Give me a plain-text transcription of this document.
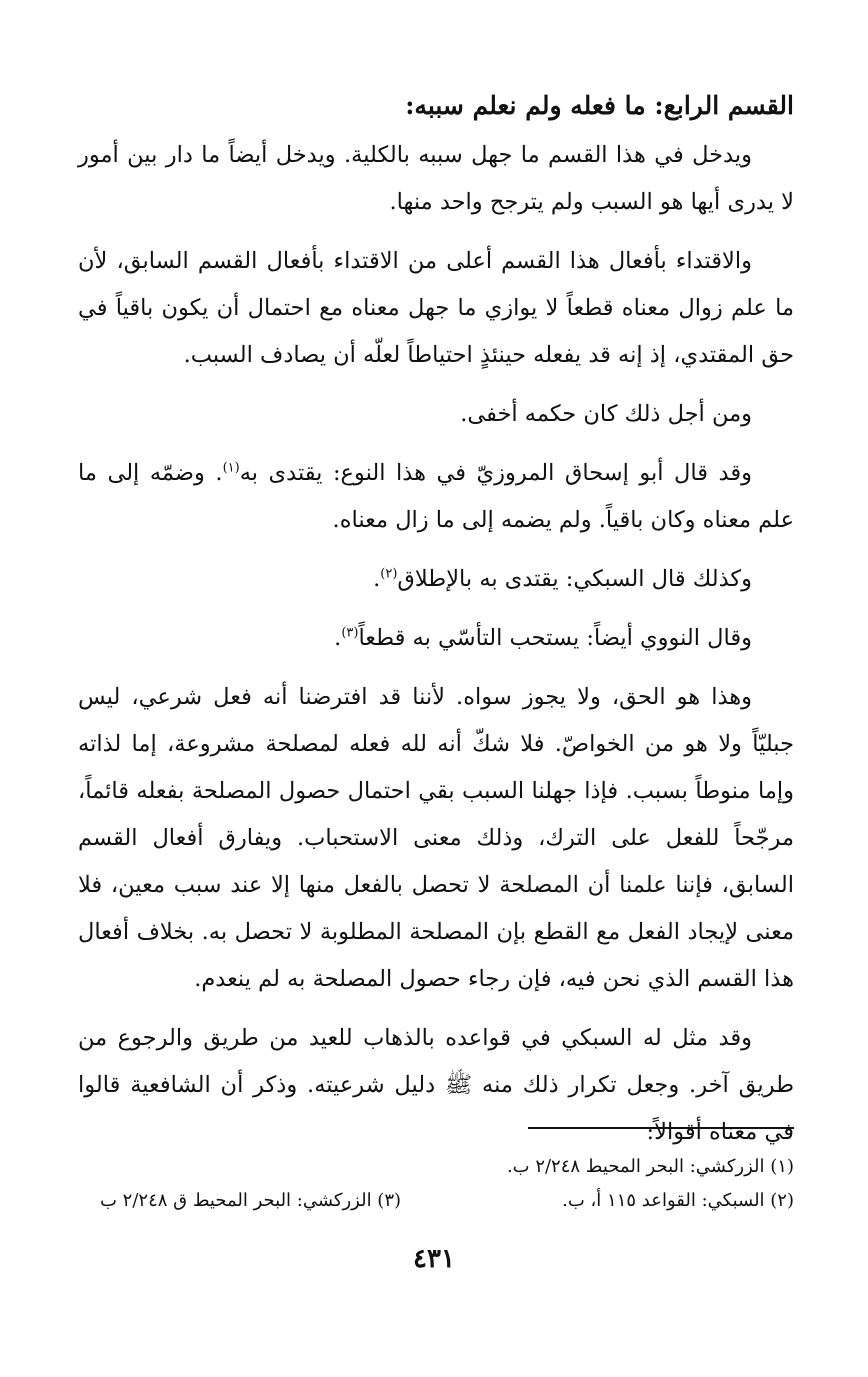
القسم الرابع: ما فعله ولم نعلم سببه:

ويدخل في هذا القسم ما جهل سببه بالكلية. ويدخل أيضاً ما دار بين أمور لا يدرى أيها هو السبب ولم يترجح واحد منها.

والاقتداء بأفعال هذا القسم أعلى من الاقتداء بأفعال القسم السابق، لأن ما علم زوال معناه قطعاً لا يوازي ما جهل معناه مع احتمال أن يكون باقياً في حق المقتدي، إذ إنه قد يفعله حينئذٍ احتياطاً لعلّه أن يصادف السبب.

ومن أجل ذلك كان حكمه أخفى.

وقد قال أبو إسحاق المروزيّ في هذا النوع: يقتدى به$^{(١)}$. وضمّه إلى ما علم معناه وكان باقياً. ولم يضمه إلى ما زال معناه.

وكذلك قال السبكي: يقتدى به بالإطلاق$^{(٢)}$.

وقال النووي أيضاً: يستحب التأسّي به قطعاً$^{(٣)}$.

وهذا هو الحق، ولا يجوز سواه. لأننا قد افترضنا أنه فعل شرعي، ليس جبليّاً ولا هو من الخواصّ. فلا شكّ أنه لله فعله لمصلحة مشروعة، إما لذاته وإما منوطاً بسبب. فإذا جهلنا السبب بقي احتمال حصول المصلحة بفعله قائماً، مرجّحاً للفعل على الترك، وذلك معنى الاستحباب. ويفارق أفعال القسم السابق، فإننا علمنا أن المصلحة لا تحصل بالفعل منها إلا عند سبب معين، فلا معنى لإيجاد الفعل مع القطع بإن المصلحة المطلوبة لا تحصل به. بخلاف أفعال هذا القسم الذي نحن فيه، فإن رجاء حصول المصلحة به لم ينعدم.

وقد مثل له السبكي في قواعده بالذهاب للعيد من طريق والرجوع من طريق آخر. وجعل تكرار ذلك منه ﷺ دليل شرعيته. وذكر أن الشافعية قالوا في معناه أقوالاً:

(١) الزركشي: البحر المحيط ٢/٢٤٨ ب.
(٢) السبكي: القواعد ١١٥ أ، ب.
(٣) الزركشي: البحر المحيط ق ٢/٢٤٨ ب
٤٣١
